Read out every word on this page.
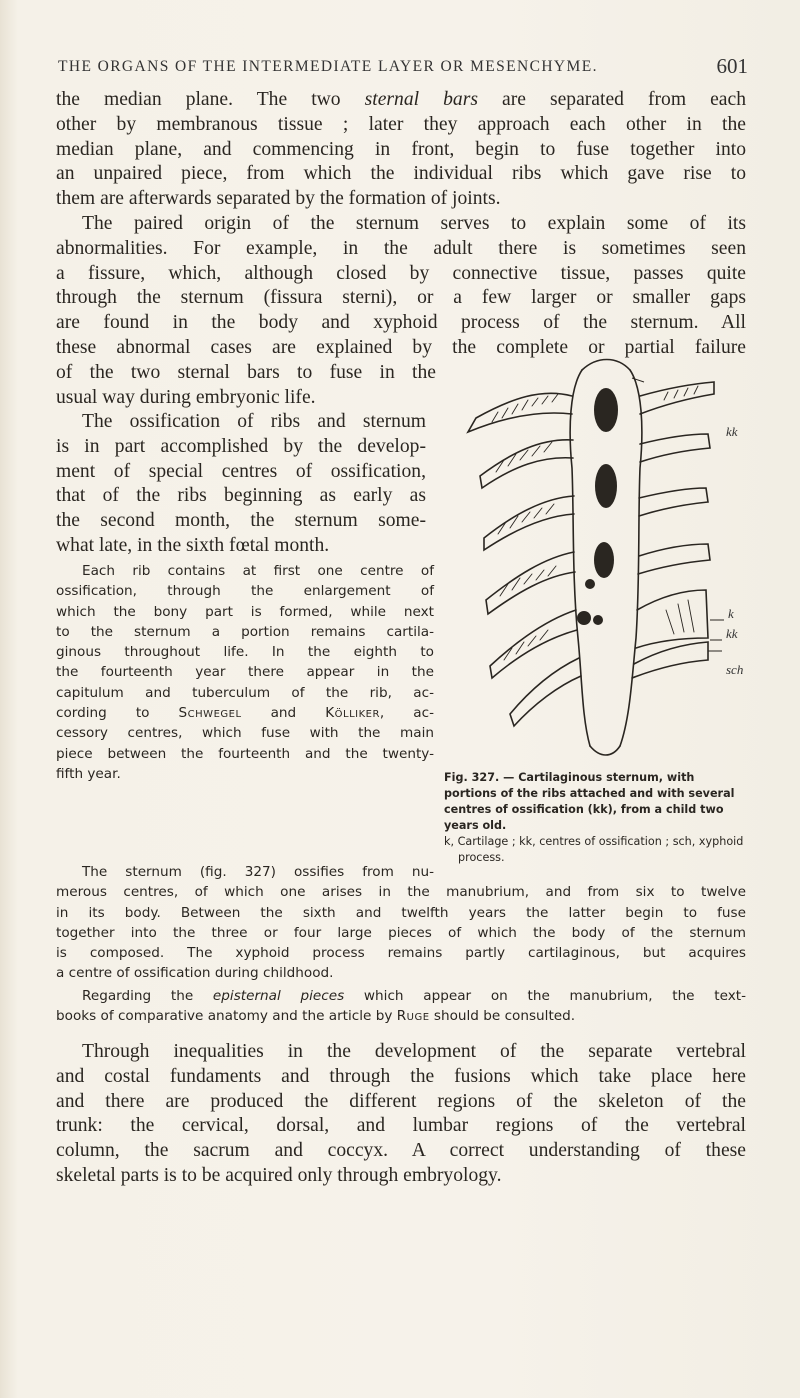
THE ORGANS OF THE INTERMEDIATE LAYER OR MESENCHYME.	601
the median plane. The two sternal bars are separated from each
other by membranous tissue ; later they approach each other in the
median plane, and commencing in front, begin to fuse together into
an unpaired piece, from which the individual ribs which gave rise to
them are afterwards separated by the formation of joints.
The paired origin of the sternum serves to explain some of its
abnormalities. For example, in the adult there is sometimes seen
a fissure, which, although closed by connective tissue, passes quite
through the sternum (fissura sterni), or a few larger or smaller gaps
are found in the body and xyphoid process of the sternum. All
these abnormal cases are explained by the complete or partial failure
of the two sternal bars to fuse in the
usual way during embryonic life.
The ossification of ribs and sternum
is in part accomplished by the develop-
ment of special centres of ossification,
that of the ribs beginning as early as
the second month, the sternum some-
what late, in the sixth fœtal month.
Each rib contains at first one centre of
ossification, through the enlargement of
which the bony part is formed, while next
to the sternum a portion remains cartila-
ginous throughout life. In the eighth to
the fourteenth year there appear in the
capitulum and tuberculum of the rib, ac-
cording to Schwegel and Kölliker, ac-
cessory centres, which fuse with the main
piece between the fourteenth and the twenty-
fifth year.
The sternum (fig. 327) ossifies from nu-
merous centres, of which one arises in the manubrium, and from six to twelve
in its body. Between the sixth and twelfth years the latter begin to fuse
together into the three or four large pieces of which the body of the sternum
is composed. The xyphoid process remains partly cartilaginous, but acquires
a centre of ossification during childhood.
Regarding the episternal pieces which appear on the manubrium, the text-
books of comparative anatomy and the article by Ruge should be consulted.
Through inequalities in the development of the separate vertebral
and costal fundaments and through the fusions which take place here
and there are produced the different regions of the skeleton of the
trunk: the cervical, dorsal, and lumbar regions of the vertebral
column, the sacrum and coccyx. A correct understanding of these
skeletal parts is to be acquired only through embryology.
kk
k
kk
sch
Fig. 327. — Cartilaginous sternum, with portions of the ribs attached and with several centres of ossification (kk), from a child two years old.
k, Cartilage ; kk, centres of ossification ; sch, xyphoid process.
